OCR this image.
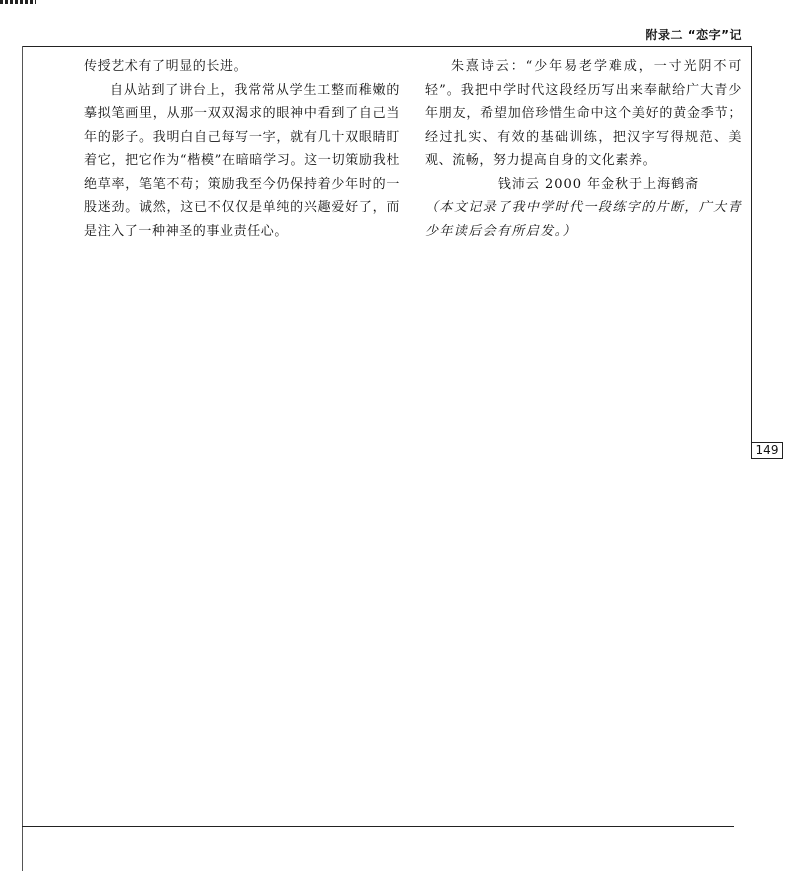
附录二 “恋字”记
149

传授艺术有了明显的长进。

自从站到了讲台上，我常常从学生工整而稚嫩的摹拟笔画里，从那一双双渴求的眼神中看到了自己当年的影子。我明白自己每写一字，就有几十双眼睛盯着它，把它作为“楷模”在暗暗学习。这一切策励我杜绝草率，笔笔不苟；策励我至今仍保持着少年时的一股迷劲。诚然，这已不仅仅是单纯的兴趣爱好了，而是注入了一种神圣的事业责任心。

朱熹诗云：“少年易老学难成，一寸光阴不可轻”。我把中学时代这段经历写出来奉献给广大青少年朋友，希望加倍珍惜生命中这个美好的黄金季节；经过扎实、有效的基础训练，把汉字写得规范、美观、流畅，努力提高自身的文化素养。

钱沛云 2000 年金秋于上海鹤斋

（本文记录了我中学时代一段练字的片断，广大青少年读后会有所启发。）
